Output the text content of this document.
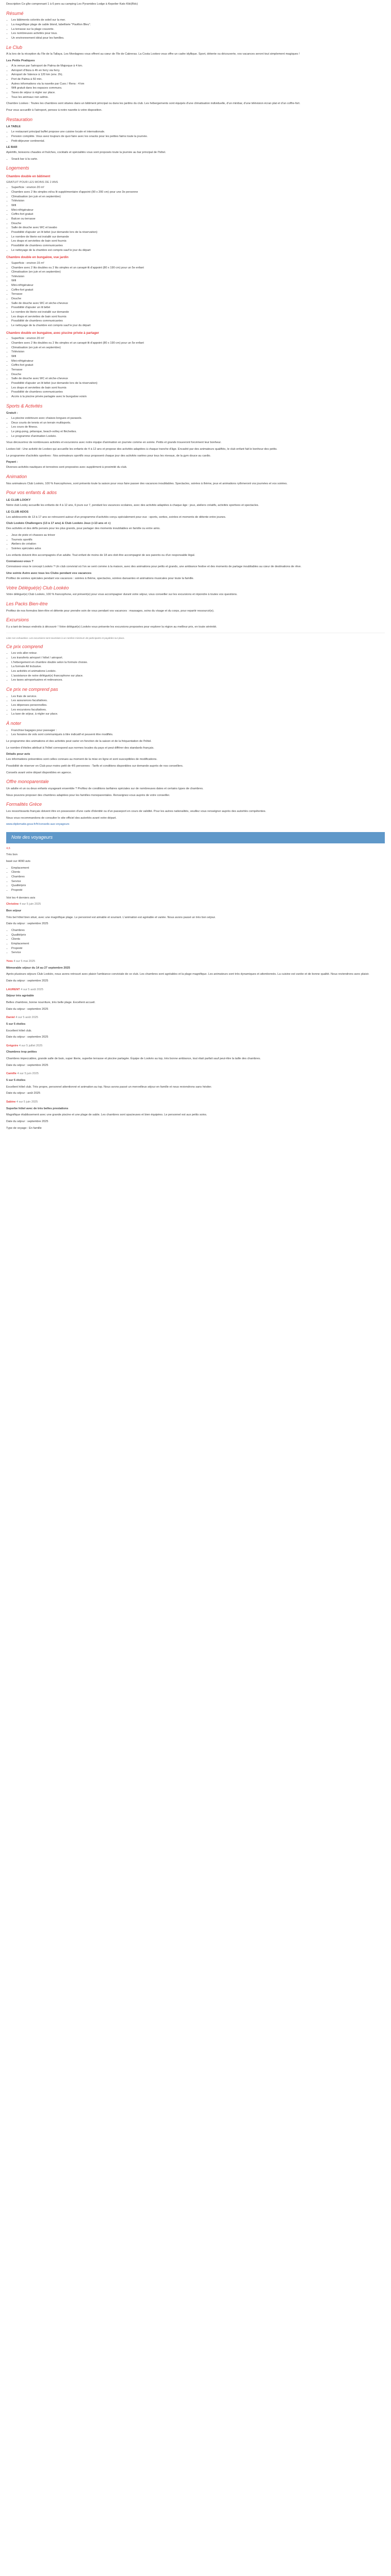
Description Ce gîte comprenant 1 à 6 pers au camping Les Pyramides Lodge à Kepelier Kato Kiki(Rdc)

Résumé
• Les bâtiments coloriés de soleil sur la mer.
• La magnifique plage de sable blond, labellisée "Pavillon Bleu".
• La terrasse sur la plage couverte.
• Les nombreuses activités pour tous.
• Un environnement idéal pour les familles.
Le Club

À la lors de la réception du l'Ile de la Tallaya. Les Mordagnes vous offrent au cœur de l'île de Cabreras. La Costa Lookeo vous offre un cadre idyllique. Sport, détente ou découverte, vos vacances seront tout simplement magiques !

Les Petits Pratiques
• À la venue par l'aéroport de Palma de Majorque à 4 km.
• Aéroport d'Ibiza à 4h en ferry via ferry.
• Aéroport de Valence à 120 km (env. 2h).
• Port de Palma à 50 min.
• Autres informations via la navette par Cuoc / Rens : 4 km
• Wifi gratuit dans les espaces communs.
• Taxes de séjour à régler sur place.
• Tous les animaux non admis.

Chambre Lookeo : Toutes les chambres sont situées dans un bâtiment principal ou dans les jardins du club. Les hébergements sont équipés d'une climatisation individuelle, d'un minibar, d'une télévision écran plat et d'un coffre-fort.

Pour vous accueillir à l'aéroport, pensez à notre navette à votre disposition.

Restauration
LA TABLE
• Le restaurant principal buffet propose une cuisine locale et internationale.
• Pension complète. Vous avez toujours de quoi faire avec les snacks pour les petites faims toute la journée.
• Petit-déjeuner continental.
LE BAR

Apéritifs, boissons chaudes et fraîches, cocktails et spécialités vous sont proposés toute la journée au bar principal de l'hôtel.

• Snack bar à la carte.
Logements
Chambre double en bâtiment

GRATUIT POUR LES MOINS DE 2 ANS

• Superficie : environ 20 m²
• Chambre avec 2 lits simples et/ou lit supplémentaire d'appoint (90 x 200 cm) pour une 3e personne
• Climatisation (en juin et en septembre)
• Télévision
• Wifi
• Mini-réfrigérateur
• Coffre-fort gratuit
• Balcon ou terrasse
• Douche
• Salle de douche avec WC et lavabo
• Possibilité d'ajouter un lit bébé (sur demande lors de la réservation)
• Le nombre de literie est installé sur demande
• Les draps et serviettes de bain sont fournis
• Possibilité de chambres communicantes
• Le nettoyage de la chambre est compris sauf le jour du départ
Chambre double en bungalow, vue jardin
• Superficie : environ 15 m²
• Chambre avec 2 lits doubles ou 2 lits simples et un canapé-lit d'appoint (80 x 190 cm) pour un 5e enfant
• Climatisation (en juin et en septembre)
• Télévision
• Wifi
• Mini-réfrigérateur
• Coffre-fort gratuit
• Terrasse
• Douche
• Salle de douche avec WC et sèche-cheveux
• Possibilité d'ajouter un lit bébé
• Le nombre de literie est installé sur demande
• Les draps et serviettes de bain sont fournis
• Possibilité de chambres communicantes
• Le nettoyage de la chambre est compris sauf le jour du départ
Chambre double en bungalow, avec piscine privée à partager
• Superficie : environ 20 m²
• Chambre avec 2 lits doubles ou 2 lits simples et un canapé-lit d'appoint (80 x 190 cm) pour un 5e enfant
• Climatisation (en juin et en septembre)
• Télévision
• Wifi
• Mini-réfrigérateur
• Coffre-fort gratuit
• Terrasse
• Douche
• Salle de douche avec WC et sèche-cheveux
• Possibilité d'ajouter un lit bébé (sur demande lors de la réservation)
• Les draps et serviettes de bain sont fournis
• Possibilité de chambres communicantes
• Accès à la piscine privée partagée avec le bungalow voisin
Sports & Activités
Gratuit :
• La piscine extérieure avec chaises longues et parasols.
• Deux courts de tennis et un terrain multisports.
• Les cours de fitness.
• Le ping-pong, pétanque, beach-volley et fléchettes.
• Le programme d'animation Lookéo.

Vous découvrirez de nombreuses activités et excursions avec notre équipe d'animation en journée comme en soirée. Petits et grands trouveront forcément leur bonheur.

Lookeo kid : Une activité de Lookeo qui accueille les enfants de 4 à 12 ans et propose des activités adaptées à chaque tranche d'âge. Encadré par des animateurs qualifiés, le club enfant fait le bonheur des petits.

Le programme d'activités sportives : Nos animateurs sportifs vous proposent chaque jour des activités variées pour tous les niveaux, de la gym douce au cardio.

Payant :

Diverses activités nautiques et terrestres sont proposées avec supplément à proximité du club.

Animation

Nos animateurs Club Lookéo, 100 % francophones, sont présents toute la saison pour vous faire passer des vacances inoubliables. Spectacles, soirées à thème, jeux et animations rythmeront vos journées et vos soirées.

Pour vos enfants & ados
LE CLUB LOOKY

Notre club Looky accueille les enfants de 4 à 12 ans, 6 jours sur 7, pendant les vacances scolaires, avec des activités adaptées à chaque âge : jeux, ateliers créatifs, activités sportives et spectacles.

LE CLUB ADOS

Les adolescents de 13 à 17 ans se retrouvent autour d'un programme d'activités conçu spécialement pour eux : sports, sorties, soirées et moments de détente entre jeunes.

Club Lookéo Challengers (13 à 17 ans) & Club Lookéo Jeux (+13 ans et +)

Des activités et des défis pensés pour les plus grands, pour partager des moments inoubliables en famille ou entre amis.

• Jeux de piste et chasses au trésor
• Tournois sportifs
• Ateliers de création
• Soirées spéciales ados

Les enfants doivent être accompagnés d'un adulte. Tout enfant de moins de 18 ans doit être accompagné de ses parents ou d'un responsable légal.

Connaissez-vous ?

Connaissez-vous le concept Lookéo ? Un club convivial où l'on se sent comme à la maison, avec des animations pour petits et grands, une ambiance festive et des moments de partage inoubliables au cœur de destinations de rêve.

Une soirée Astro avec tous les Clubs pendant vos vacances

Profitez de soirées spéciales pendant vos vacances : soirées à thème, spectacles, soirées dansantes et animations musicales pour toute la famille.

Votre Délégué(e) Club Lookéo

Votre délégué(e) Club Lookéo, 100 % francophone, est présent(e) pour vous accompagner durant votre séjour, vous conseiller sur les excursions et répondre à toutes vos questions.

Les Packs Bien-être

Profitez de nos formules bien-être et détente pour prendre soin de vous pendant vos vacances : massages, soins du visage et du corps, pour repartir ressourcé(e).

Excursions

Il y a tant de beaux endroits à découvrir ! Votre délégué(e) Lookéo vous présente les excursions proposées pour explorer la région au meilleur prix, en toute sérénité.

Liste non exhaustive. Les excursions sont soumises à un nombre minimum de participants et payables sur place.

Ce prix comprend
• Les vols aller-retour.
• Les transferts aéroport / hôtel / aéroport.
• L'hébergement en chambre double selon la formule choisie.
• La formule All Inclusive.
• Les activités et animations Lookéo.
• L'assistance de notre délégué(e) francophone sur place.
• Les taxes aéroportuaires et redevances.
Ce prix ne comprend pas
• Les frais de service.
• Les assurances facultatives.
• Les dépenses personnelles.
• Les excursions facultatives.
• La taxe de séjour, à régler sur place.
À noter
• Franchise bagages pour passager :
• Les horaires de vols sont communiqués à titre indicatif et peuvent être modifiés.

Le programme des animations et des activités peut varier en fonction de la saison et de la fréquentation de l'hôtel.

Le nombre d'étoiles attribué à l'hôtel correspond aux normes locales du pays et peut différer des standards français.

Détails pour avis

Les informations présentées sont celles connues au moment de la mise en ligne et sont susceptibles de modifications.

Possibilité de réserver en Club pour moins petit de 4/5 personnes : Tarifs et conditions disponibles sur demande auprès de nos conseillers.

Conseils avant votre départ disponibles en agence.

Offre monoparentale

Un adulte et un ou deux enfants voyageant ensemble ? Profitez de conditions tarifaires spéciales sur de nombreuses dates et certains types de chambres.

Nous pouvons proposer des chambres adaptées pour les familles monoparentales. Renseignez-vous auprès de votre conseiller.

Formalités Grèce

Les ressortissants français doivent être en possession d'une carte d'identité ou d'un passeport en cours de validité. Pour les autres nationalités, veuillez vous renseigner auprès des autorités compétentes.

Nous vous recommandons de consulter le site officiel des autorités avant votre départ.

www.diplomatie.gouv.fr/fr/conseils-aux-voyageurs

Note des voyageurs

4,6

Très bon

basé sur 4090 avis

• Emplacement
• Clients
• Chambres
• Service
• Qualité/prix
• Propreté

Voir les 4 derniers avis

Christine 4 sur 5 juin 2025

Bon séjour

Très bel hôtel bien situé, avec une magnifique plage. Le personnel est aimable et souriant. L'animation est agréable et variée. Nous avons passé un très bon séjour.

Date du séjour : septembre 2025

• Chambres
• Qualité/prix
• Clients
• Emplacement
• Propreté
• Service

Yves 4 sur 5 mai 2025

Mémorable séjour du 14 au 27 septembre 2025

Après plusieurs séjours Club Lookéo, nous avons retrouvé avec plaisir l'ambiance conviviale de ce club. Les chambres sont agréables et la plage magnifique. Les animateurs sont très dynamiques et attentionnés. La cuisine est variée et de bonne qualité. Nous reviendrons avec plaisir.

Date du séjour : septembre 2025

LAURENT 4 sur 5 août 2025

Séjour très agréable

Belles chambres, bonne nourriture, très belle plage. Excellent accueil.

Date du séjour : septembre 2025

Daniel 4 sur 5 août 2025

5 sur 5 étoiles

Excellent hôtel club.

Date du séjour : septembre 2025

Grégoire 4 sur 5 juillet 2025

Chambres trop petites

Chambres impeccables, grande salle de bain, super literie, superbe terrasse et piscine partagée. Équipe de Lookéo au top, très bonne ambiance, tout était parfait sauf peut-être la taille des chambres.

Date du séjour : septembre 2025

Camille 4 sur 5 juin 2025

5 sur 5 étoiles

Excellent hôtel club. Très propre, personnel attentionné et animation au top. Nous avons passé un merveilleux séjour en famille et nous reviendrons sans hésiter.

Date du séjour : août 2025

Sabine 4 sur 5 juin 2025

Superbe hôtel avec de très belles prestations

Magnifique établissement avec une grande piscine et une plage de sable. Les chambres sont spacieuses et bien équipées. Le personnel est aux petits soins.

Date du séjour : septembre 2025

Type de voyage : En famille
